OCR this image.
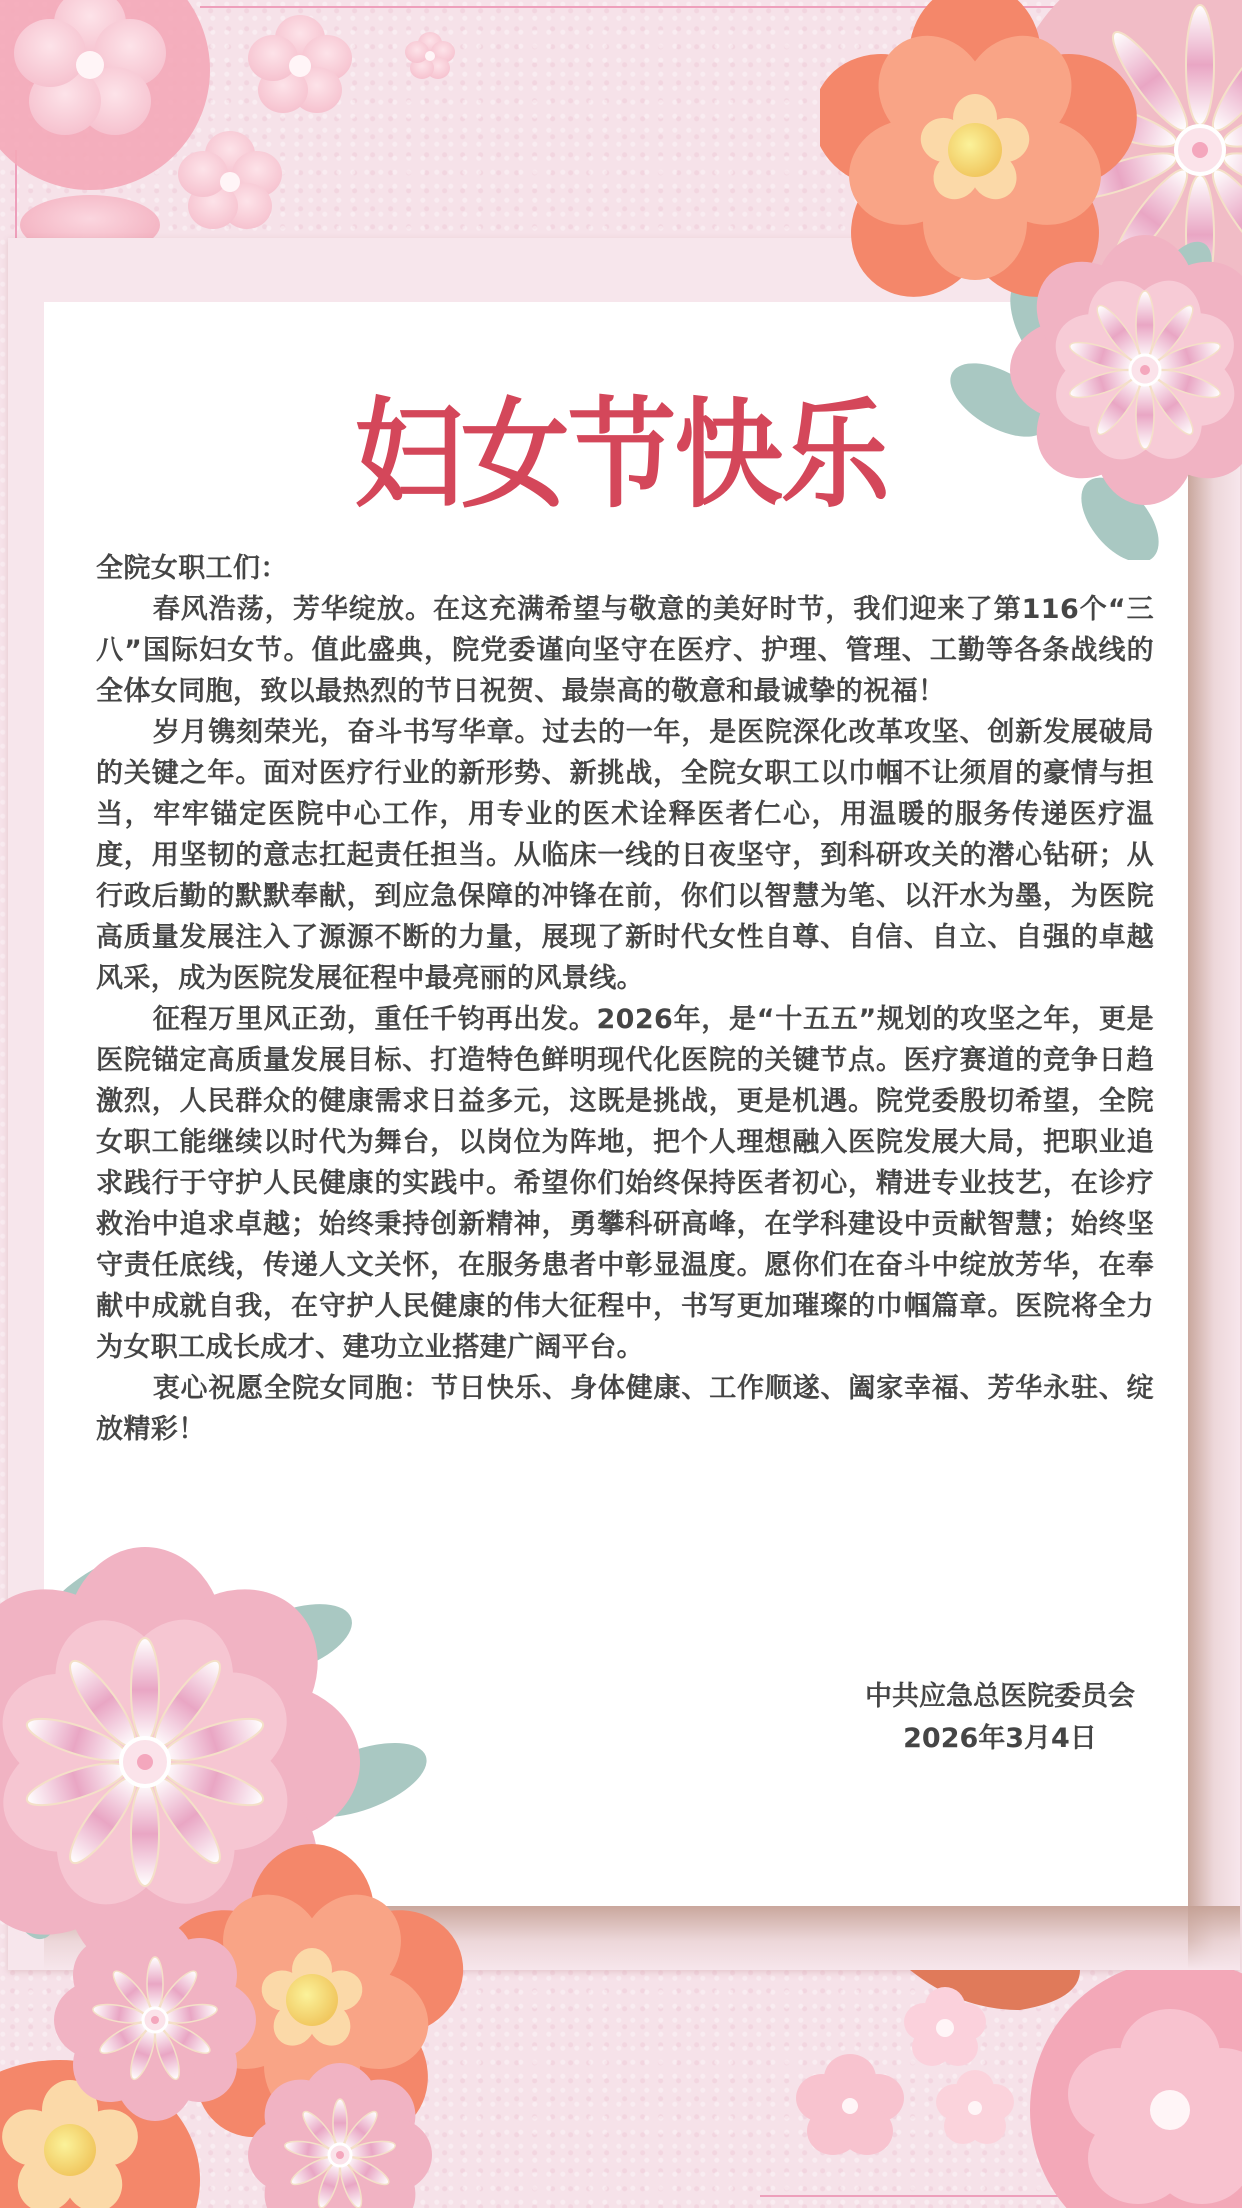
妇女节快乐

全院女职工们：

春风浩荡，芳华绽放。在这充满希望与敬意的美好时节，我们迎来了第116个“三八”国际妇女节。值此盛典，院党委谨向坚守在医疗、护理、管理、工勤等各条战线的全体女同胞，致以最热烈的节日祝贺、最崇高的敬意和最诚挚的祝福！

岁月镌刻荣光，奋斗书写华章。过去的一年，是医院深化改革攻坚、创新发展破局的关键之年。面对医疗行业的新形势、新挑战，全院女职工以巾帼不让须眉的豪情与担当，牢牢锚定医院中心工作，用专业的医术诠释医者仁心，用温暖的服务传递医疗温度，用坚韧的意志扛起责任担当。从临床一线的日夜坚守，到科研攻关的潜心钻研；从行政后勤的默默奉献，到应急保障的冲锋在前，你们以智慧为笔、以汗水为墨，为医院高质量发展注入了源源不断的力量，展现了新时代女性自尊、自信、自立、自强的卓越风采，成为医院发展征程中最亮丽的风景线。

征程万里风正劲，重任千钧再出发。2026年，是“十五五”规划的攻坚之年，更是医院锚定高质量发展目标、打造特色鲜明现代化医院的关键节点。医疗赛道的竞争日趋激烈，人民群众的健康需求日益多元，这既是挑战，更是机遇。院党委殷切希望，全院女职工能继续以时代为舞台，以岗位为阵地，把个人理想融入医院发展大局，把职业追求践行于守护人民健康的实践中。希望你们始终保持医者初心，精进专业技艺，在诊疗救治中追求卓越；始终秉持创新精神，勇攀科研高峰，在学科建设中贡献智慧；始终坚守责任底线，传递人文关怀，在服务患者中彰显温度。愿你们在奋斗中绽放芳华，在奉献中成就自我，在守护人民健康的伟大征程中，书写更加璀璨的巾帼篇章。医院将全力为女职工成长成才、建功立业搭建广阔平台。

衷心祝愿全院女同胞：节日快乐、身体健康、工作顺遂、阖家幸福、芳华永驻、绽放精彩！

中共应急总医院委员会
2026年3月4日
